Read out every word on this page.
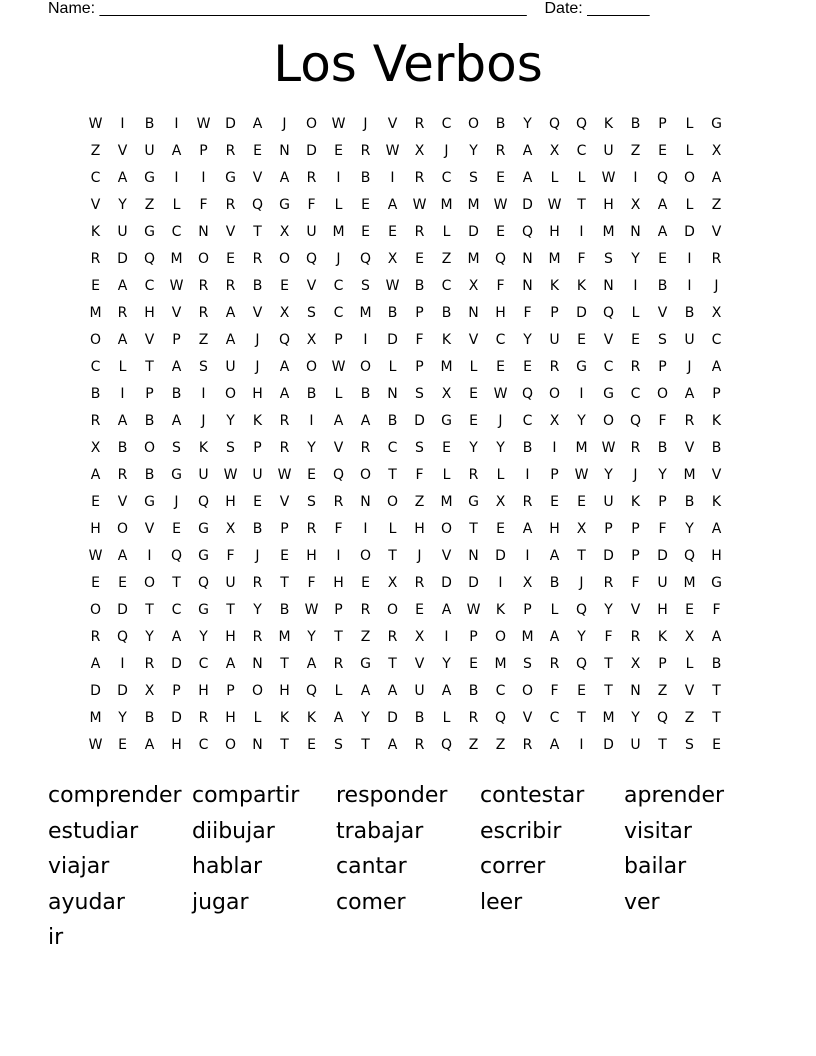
Name: ________________________________________________ Date: _______
Los Verbos
W	I	B	I	W	D	A	J	O	W	J	V	R	C	O	B	Y	Q	Q	K	B	P	L	G
Z	V	U	A	P	R	E	N	D	E	R	W	X	J	Y	R	A	X	C	U	Z	E	L	X
C	A	G	I	I	G	V	A	R	I	B	I	R	C	S	E	A	L	L	W	I	Q	O	A
V	Y	Z	L	F	R	Q	G	F	L	E	A	W	M	M	W	D	W	T	H	X	A	L	Z
K	U	G	C	N	V	T	X	U	M	E	E	R	L	D	E	Q	H	I	M	N	A	D	V
R	D	Q	M	O	E	R	O	Q	J	Q	X	E	Z	M	Q	N	M	F	S	Y	E	I	R
E	A	C	W	R	R	B	E	V	C	S	W	B	C	X	F	N	K	K	N	I	B	I	J
M	R	H	V	R	A	V	X	S	C	M	B	P	B	N	H	F	P	D	Q	L	V	B	X
O	A	V	P	Z	A	J	Q	X	P	I	D	F	K	V	C	Y	U	E	V	E	S	U	C
C	L	T	A	S	U	J	A	O	W	O	L	P	M	L	E	E	R	G	C	R	P	J	A
B	I	P	B	I	O	H	A	B	L	B	N	S	X	E	W	Q	O	I	G	C	O	A	P
R	A	B	A	J	Y	K	R	I	A	A	B	D	G	E	J	C	X	Y	O	Q	F	R	K
X	B	O	S	K	S	P	R	Y	V	R	C	S	E	Y	Y	B	I	M	W	R	B	V	B
A	R	B	G	U	W	U	W	E	Q	O	T	F	L	R	L	I	P	W	Y	J	Y	M	V
E	V	G	J	Q	H	E	V	S	R	N	O	Z	M	G	X	R	E	E	U	K	P	B	K
H	O	V	E	G	X	B	P	R	F	I	L	H	O	T	E	A	H	X	P	P	F	Y	A
W	A	I	Q	G	F	J	E	H	I	O	T	J	V	N	D	I	A	T	D	P	D	Q	H
E	E	O	T	Q	U	R	T	F	H	E	X	R	D	D	I	X	B	J	R	F	U	M	G
O	D	T	C	G	T	Y	B	W	P	R	O	E	A	W	K	P	L	Q	Y	V	H	E	F
R	Q	Y	A	Y	H	R	M	Y	T	Z	R	X	I	P	O	M	A	Y	F	R	K	X	A
A	I	R	D	C	A	N	T	A	R	G	T	V	Y	E	M	S	R	Q	T	X	P	L	B
D	D	X	P	H	P	O	H	Q	L	A	A	U	A	B	C	O	F	E	T	N	Z	V	T
M	Y	B	D	R	H	L	K	K	A	Y	D	B	L	R	Q	V	C	T	M	Y	Q	Z	T
W	E	A	H	C	O	N	T	E	S	T	A	R	Q	Z	Z	R	A	I	D	U	T	S	E
comprender compartir	responder	contestar	aprender
estudiar	diibujar	trabajar	escribir	visitar
viajar	hablar	cantar	correr	bailar
ayudar	jugar	comer	leer	ver
ir
